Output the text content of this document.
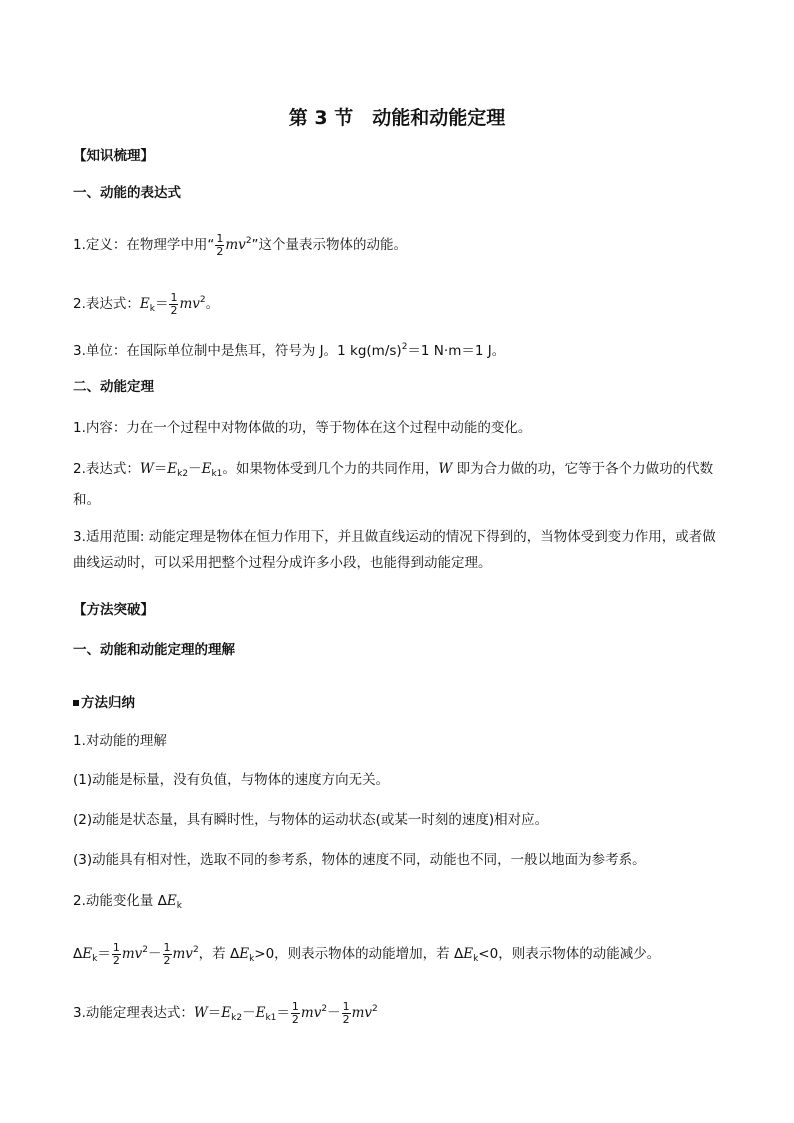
第 3 节　动能和动能定理
【知识梳理】
一、动能的表达式
1.定义：在物理学中用“ $\frac{1}{2} mv^2$”这个量表示物体的动能。
2.表达式：$E_k= \frac{1}{2} mv^2$。
3.单位：在国际单位制中是焦耳，符号为 J。1 $kg(m/s)^2=1$ N·m＝1 J。
二、动能定理
1.内容：力在一个过程中对物体做的功，等于物体在这个过程中动能的变化。
2.表达式：$W=E_{k2}-E_{k1}$。如果物体受到几个力的共同作用，W 即为合力做的功，它等于各个力做功的代数和。
3.适用范围: 动能定理是物体在恒力作用下，并且做直线运动的情况下得到的，当物体受到变力作用，或者做曲线运动时，可以采用把整个过程分成许多小段，也能得到动能定理。
【方法突破】
一、动能和动能定理的理解
方法归纳
1.对动能的理解
(1)动能是标量，没有负值，与物体的速度方向无关。
(2)动能是状态量，具有瞬时性，与物体的运动状态(或某一时刻的速度)相对应。
(3)动能具有相对性，选取不同的参考系，物体的速度不同，动能也不同，一般以地面为参考系。
2.动能变化量 $\Delta E_k$
$\Delta E_k= \frac{1}{2} mv^2- \frac{1}{2} mv^2$，若 $\Delta E_k>0$，则表示物体的动能增加，若 $\Delta E_k<0$，则表示物体的动能减少。
3.动能定理表达式：$W=E_{k2}-E_{k1}= \frac{1}{2} mv^2- \frac{1}{2} mv^2$
